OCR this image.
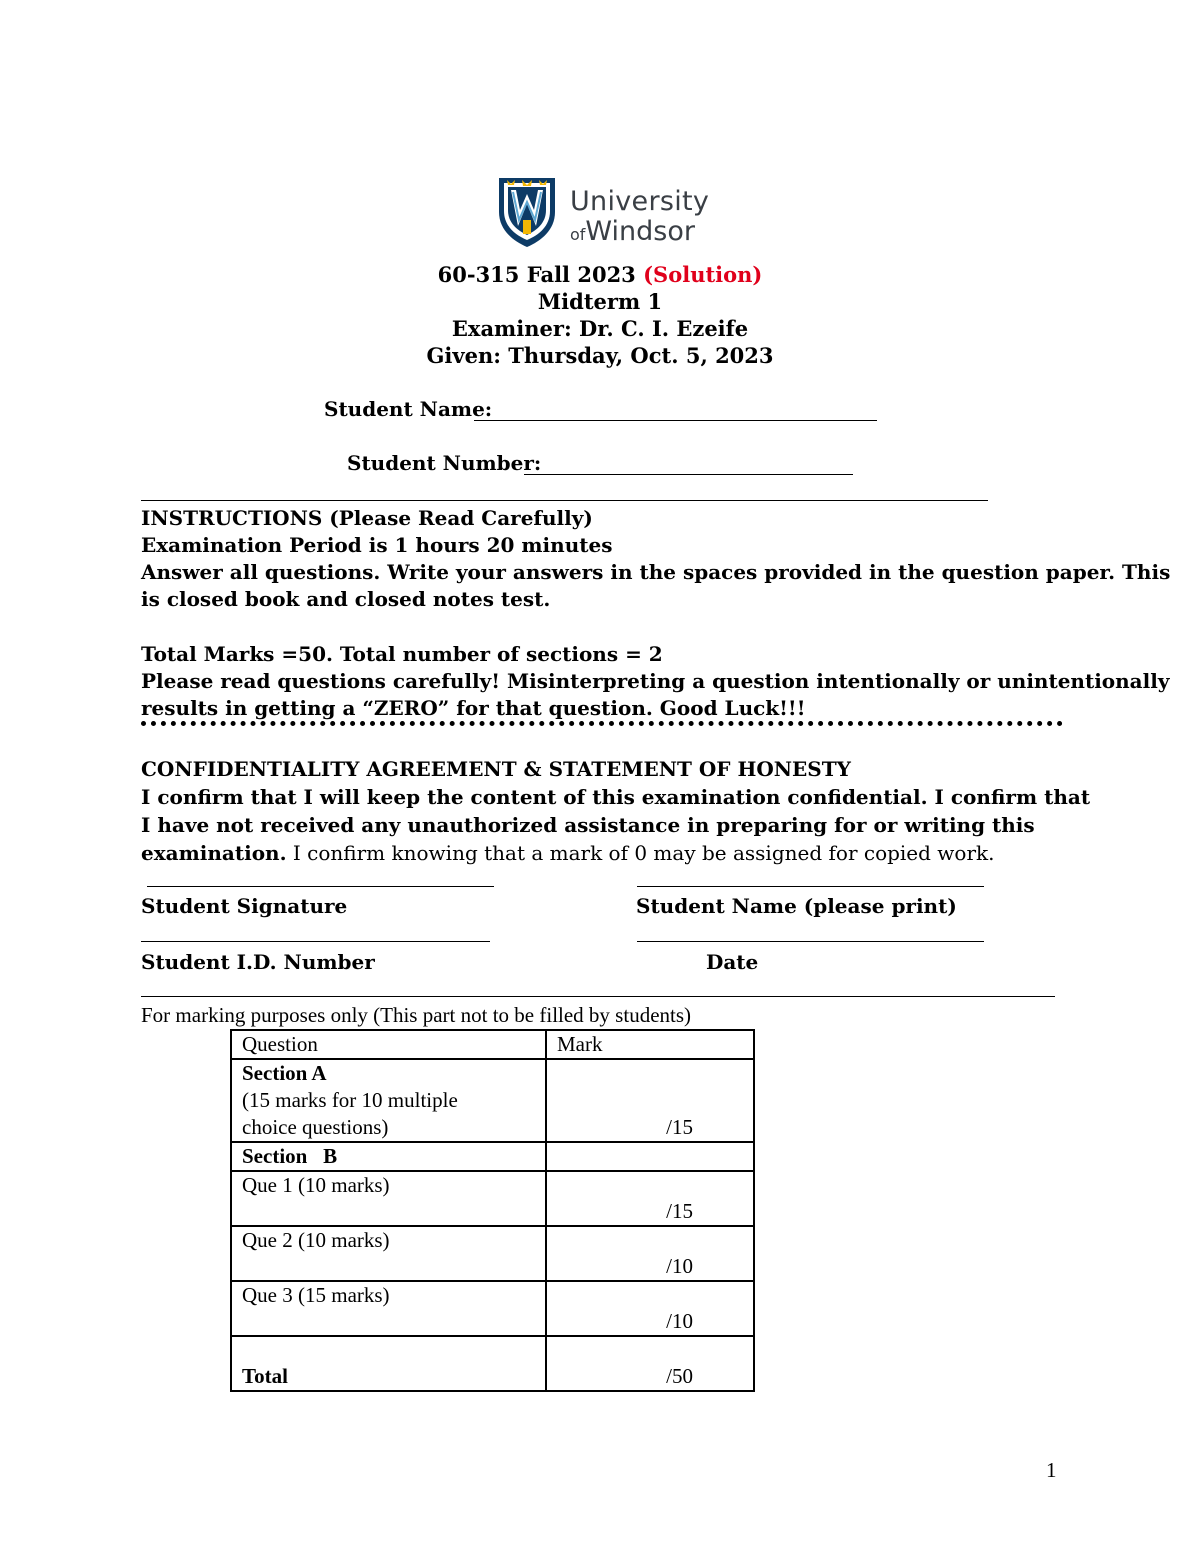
University
ofWindsor
60-315 Fall 2023 (Solution)
Midterm 1
Examiner: Dr. C. I. Ezeife
Given: Thursday, Oct. 5, 2023
Student Name:
Student Number:
INSTRUCTIONS (Please Read Carefully)
Examination Period is 1 hours 20 minutes
Answer all questions. Write your answers in the spaces provided in the question paper. This
is closed book and closed notes test.
Total Marks =50. Total number of sections = 2
Please read questions carefully! Misinterpreting a question intentionally or unintentionally
results in getting a “ZERO” for that question. Good Luck!!!
CONFIDENTIALITY AGREEMENT & STATEMENT OF HONESTY
I confirm that I will keep the content of this examination confidential. I confirm that
I have not received any unauthorized assistance in preparing for or writing this
examination. I confirm knowing that a mark of 0 may be assigned for copied work.
Student Signature	Student Name (please print)
Student I.D. Number	Date
For marking purposes only (This part not to be filled by students)
Question	Mark

Section A
(15 marks for 10 multiple
choice questions)	/15
Section   B	
Que 1 (10 marks)	/15
Que 2 (10 marks)	/10
Que 3 (15 marks)	/10
Total	/50
1
